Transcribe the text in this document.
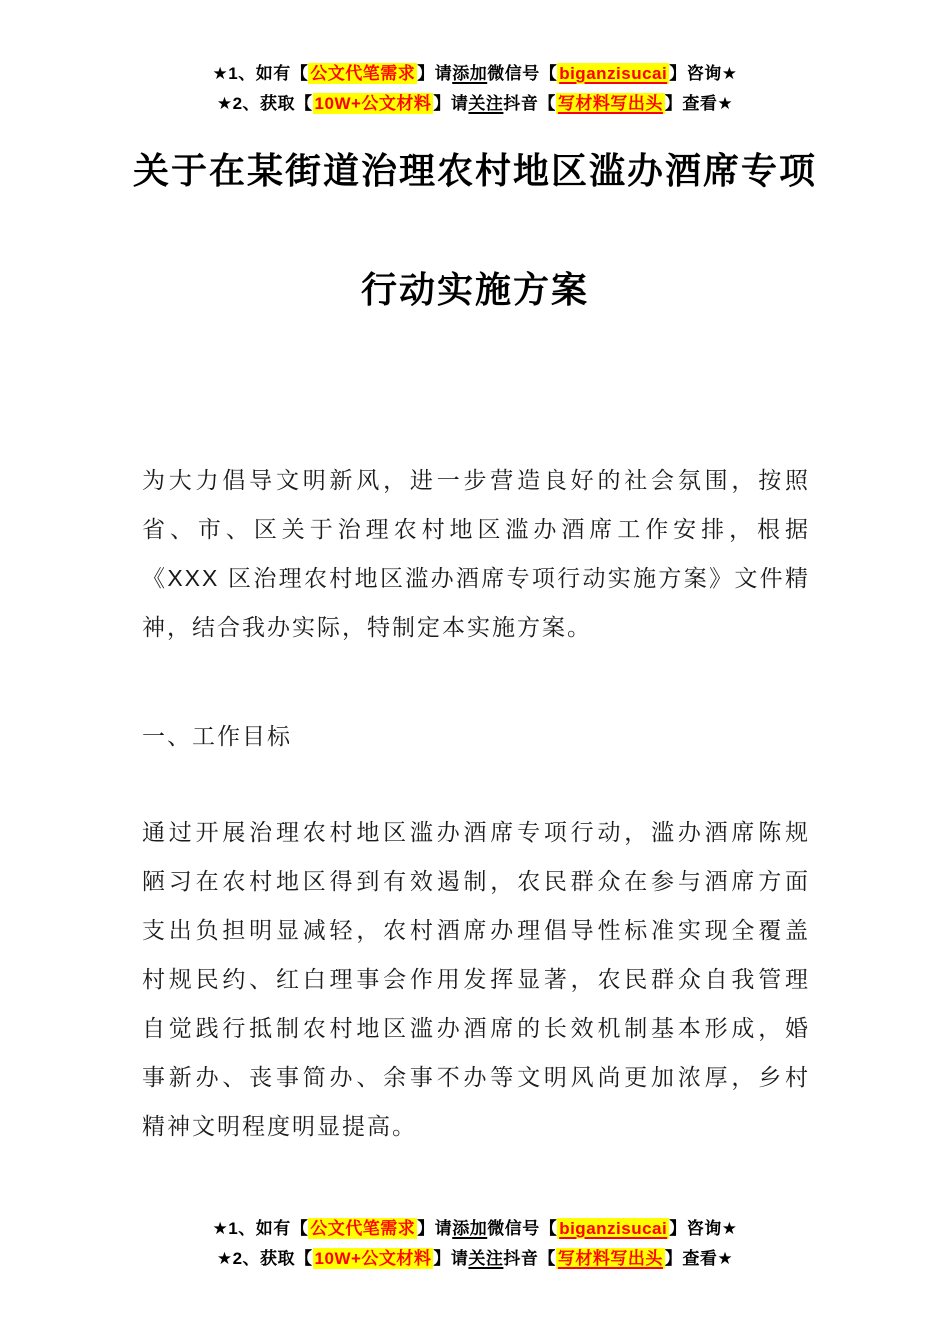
★1、如有【 公文代笔需求 】请添加微信号【 biganzisucai 】咨询★
★2、获取【 10W+公文材料 】请关注抖音【 写材料写出头 】查看★
关于在某街道治理农村地区滥办酒席专项
行动实施方案
为大力倡导文明新风，进一步营造良好的社会氛围，按照
省、市、区关于治理农村地区滥办酒席工作安排，根据
《XXX 区治理农村地区滥办酒席专项行动实施方案》文件精
神，结合我办实际，特制定本实施方案。
一、工作目标
通过开展治理农村地区滥办酒席专项行动，滥办酒席陈规
陋习在农村地区得到有效遏制，农民群众在参与酒席方面
支出负担明显减轻，农村酒席办理倡导性标准实现全覆盖
村规民约、红白理事会作用发挥显著，农民群众自我管理
自觉践行抵制农村地区滥办酒席的长效机制基本形成，婚
事新办、丧事简办、余事不办等文明风尚更加浓厚，乡村
精神文明程度明显提高。
★1、如有【 公文代笔需求 】请添加微信号【 biganzisucai 】咨询★
★2、获取【 10W+公文材料 】请关注抖音【 写材料写出头 】查看★
